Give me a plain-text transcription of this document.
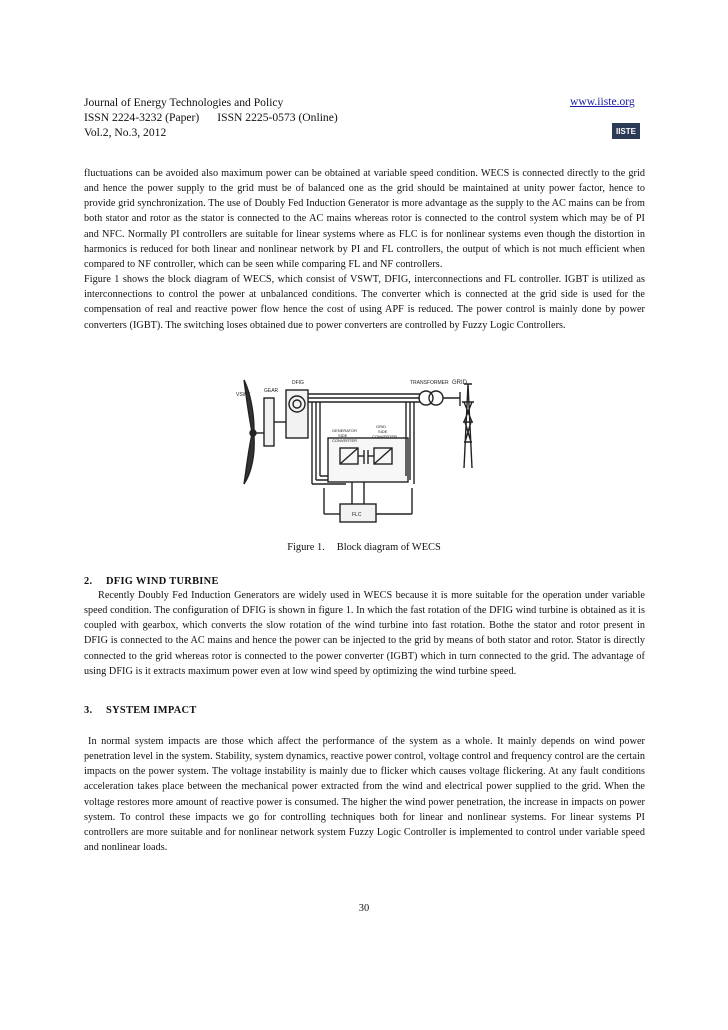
Journal of Energy Technologies and Policy	www.iiste.org
ISSN 2224-3232 (Paper) ISSN 2225-0573 (Online)
Vol.2, No.3, 2012	IISTE

fluctuations can be avoided also maximum power can be obtained at variable speed condition. WECS is connected directly to the grid and hence the power supply to the grid must be of balanced one as the grid should be maintained at unity power factor, hence to provide grid synchronization. The use of Doubly Fed Induction Generator is more advantage as the supply to the AC mains can be from both stator and rotor as the stator is connected to the AC mains whereas rotor is connected to the control system which may be of PI and NFC. Normally PI controllers are suitable for linear systems where as FLC is for nonlinear systems even though the distortion in harmonics is reduced for both linear and nonlinear network by PI and FL controllers, the output of which is not much efficient when compared to NF controller, which can be seen while comparing FL and NF controllers.

Figure 1 shows the block diagram of WECS, which consist of VSWT, DFIG, interconnections and FL controller. IGBT is utilized as interconnections to control the power at unbalanced conditions. The converter which is connected at the grid side is used for the compensation of real and reactive power flow hence the cost of using APF is reduced. The power control is mainly done by power converters (IGBT). The switching loses obtained due to power converters are controlled by Fuzzy Logic Controllers.

VSWT
GEAR
DFIG	TRANSFORMER GRID
GENERATOR
SIDE
CONVERTER
GRID
SIDE
CONVERTER
FLC
Figure 1. Block diagram of WECS
2. DFIG WIND TURBINE

Recently Doubly Fed Induction Generators are widely used in WECS because it is more suitable for the operation under variable speed condition. The configuration of DFIG is shown in figure 1. In which the fast rotation of the DFIG wind turbine is obtained as it is coupled with gearbox, which converts the slow rotation of the wind turbine into fast rotation. Bothe the stator and rotor present in DFIG is connected to the AC mains and hence the power can be injected to the grid by means of both stator and rotor. Stator is directly connected to the grid whereas rotor is connected to the power converter (IGBT) which in turn connected to the grid. The advantage of using DFIG is it extracts maximum power even at low wind speed by optimizing the wind turbine speed.

3. SYSTEM IMPACT

In normal system impacts are those which affect the performance of the system as a whole. It mainly depends on wind power penetration level in the system. Stability, system dynamics, reactive power control, voltage control and frequency control are the certain impacts on the power system. The voltage instability is mainly due to flicker which causes voltage flickering. At any fault conditions acceleration takes place between the mechanical power extracted from the wind and electrical power supplied to the grid. When the voltage restores more amount of reactive power is consumed. The higher the wind power penetration, the increase in impacts on power system. To control these impacts we go for controlling techniques both for linear and nonlinear systems. For linear systems PI controllers are more suitable and for nonlinear network system Fuzzy Logic Controller is implemented to control under variable speed and nonlinear loads.

30
